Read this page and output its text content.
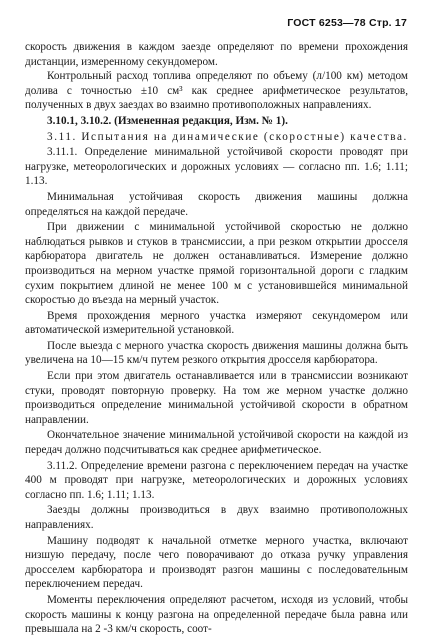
ГОСТ 6253—78 Стр. 17

скорость движения в каждом заезде определяют по времени прохождения дистанции, измеренному секундомером.

Контрольный расход топлива определяют по объему (л/100 км) методом долива с точностью ±10 см³ как среднее арифметическое результатов, полученных в двух заездах во взаимно противоположных направлениях.

3.10.1, 3.10.2. (Измененная редакция, Изм. № 1).

3.11. Испытания на динамические (скоростные) качества.

3.11.1. Определение минимальной устойчивой скорости проводят при нагрузке, метеорологических и дорожных условиях — согласно пп. 1.6; 1.11; 1.13.

Минимальная устойчивая скорость движения машины должна определяться на каждой передаче.

При движении с минимальной устойчивой скоростью не должно наблюдаться рывков и стуков в трансмиссии, а при резком открытии дросселя карбюратора двигатель не должен останавливаться. Измерение должно производиться на мерном участке прямой горизонтальной дороги с гладким сухим покрытием длиной не менее 100 м с установившейся минимальной скоростью до въезда на мерный участок.

Время прохождения мерного участка измеряют секундомером или автоматической измерительной установкой.

После выезда с мерного участка скорость движения машины должна быть увеличена на 10—15 км/ч путем резкого открытия дросселя карбюратора.

Если при этом двигатель останавливается или в трансмиссии возникают стуки, проводят повторную проверку. На том же мерном участке должно производиться определение минимальной устойчивой скорости в обратном направлении.

Окончательное значение минимальной устойчивой скорости на каждой из передач должно подсчитываться как среднее арифметическое.

3.11.2. Определение времени разгона с переключением передач на участке 400 м проводят при нагрузке, метеорологических и дорожных условиях согласно пп. 1.6; 1.11; 1.13.

Заезды должны производиться в двух взаимно противоположных направлениях.

Машину подводят к начальной отметке мерного участка, включают низшую передачу, после чего поворачивают до отказа ручку управления дросселем карбюратора и производят разгон машины с последовательным переключением передач.

Моменты переключения определяют расчетом, исходя из условий, чтобы скорость машины к концу разгона на определенной передаче была равна или превышала на 2 -3 км/ч скорость, соот-
